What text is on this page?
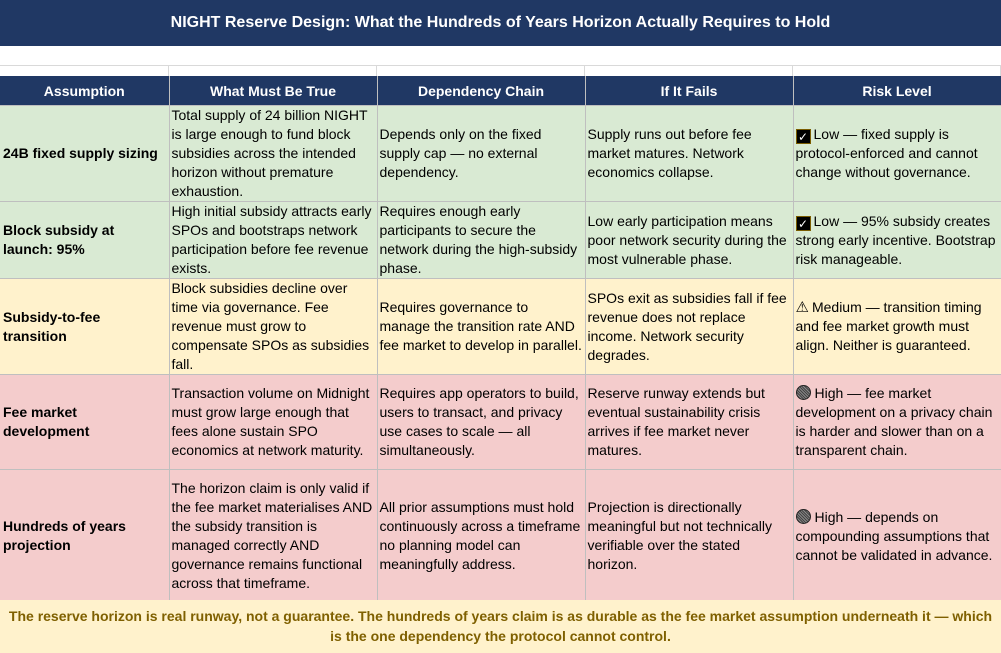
NIGHT Reserve Design: What the Hundreds of Years Horizon Actually Requires to Hold
Assumption	What Must Be True	Dependency Chain	If It Fails	Risk Level
24B fixed supply sizing	Total supply of 24 billion NIGHT is large enough to fund block subsidies across the intended horizon without premature exhaustion.	Depends only on the fixed supply cap — no external dependency.	Supply runs out before fee market matures. Network economics collapse.	✓ Low — fixed supply is protocol-enforced and cannot change without governance.
Block subsidy at launch: 95%	High initial subsidy attracts early SPOs and bootstraps network participation before fee revenue exists.	Requires enough early participants to secure the network during the high-subsidy phase.	Low early participation means poor network security during the most vulnerable phase.	✓ Low — 95% subsidy creates strong early incentive. Bootstrap risk manageable.
Subsidy-to-fee transition	Block subsidies decline over time via governance. Fee revenue must grow to compensate SPOs as subsidies fall.	Requires governance to manage the transition rate AND fee market to develop in parallel.	SPOs exit as subsidies fall if fee revenue does not replace income. Network security degrades.	⚠ Medium — transition timing and fee market growth must align. Neither is guaranteed.
Fee market development	Transaction volume on Midnight must grow large enough that fees alone sustain SPO economics at network maturity.	Requires app operators to build, users to transact, and privacy use cases to scale — all simultaneously.	Reserve runway extends but eventual sustainability crisis arrives if fee market never matures.	High — fee market development on a privacy chain is harder and slower than on a transparent chain.
Hundreds of years projection	The horizon claim is only valid if the fee market materialises AND the subsidy transition is managed correctly AND governance remains functional across that timeframe.	All prior assumptions must hold continuously across a timeframe no planning model can meaningfully address.	Projection is directionally meaningful but not technically verifiable over the stated horizon.	High — depends on compounding assumptions that cannot be validated in advance.
The reserve horizon is real runway, not a guarantee. The hundreds of years claim is as durable as the fee market assumption underneath it — which is the one dependency the protocol cannot control.
